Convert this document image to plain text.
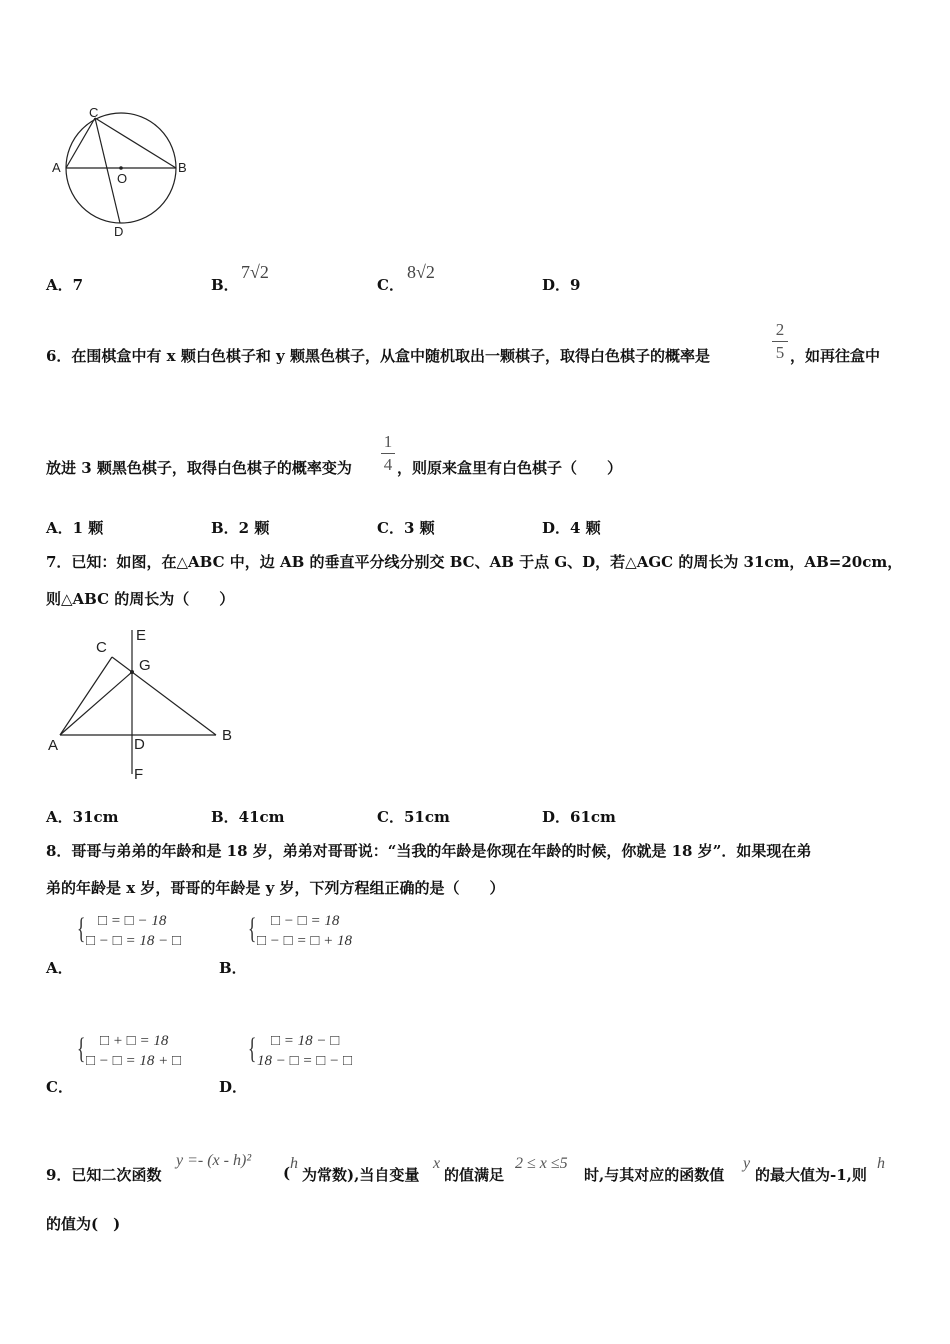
C
A	B
O
D
A．7	B．
7√2
C．
8√2
D．9
6．在围棋盒中有 x 颗白色棋子和 y 颗黑色棋子，从盒中随机取出一颗棋子，取得白色棋子的概率是
2
5 ，如再往盒中
放进 3 颗黑色棋子，取得白色棋子的概率变为
1
4 ，则原来盒里有白色棋子（　　）
A．1 颗	B．2 颗	C．3 颗	D．4 颗
7．已知：如图，在△ABC 中，边 AB 的垂直平分线分别交 BC、AB 于点 G、D，若△AGC 的周长为 31cm，AB=20cm，
则△ABC 的周长为（　　）
E
C
G
A	D
B
F
A．31cm	B．41cm	C．51cm	D．61cm
8．哥哥与弟弟的年龄和是 18 岁，弟弟对哥哥说：“当我的年龄是你现在年龄的时候，你就是 18 岁”．如果现在弟
弟的年龄是 x 岁，哥哥的年龄是 y 岁，下列方程组正确的是（　　）
{ □ = □ − 18
□ − □ = 18 − □
A．
{ □ − □ = 18
□ − □ = □ + 18
B．
{ □ + □ = 18
□ − □ = 18 + □
C．
{ □ = 18 − □
18 − □ = □ − □
D．
9．已知二次函数
y =- (x - h)²
(
h
为常数),当自变量
x
的值满足
2 ≤ x ≤5
时,与其对应的函数值
y
的最大值为-1,则
h
的值为(　)
